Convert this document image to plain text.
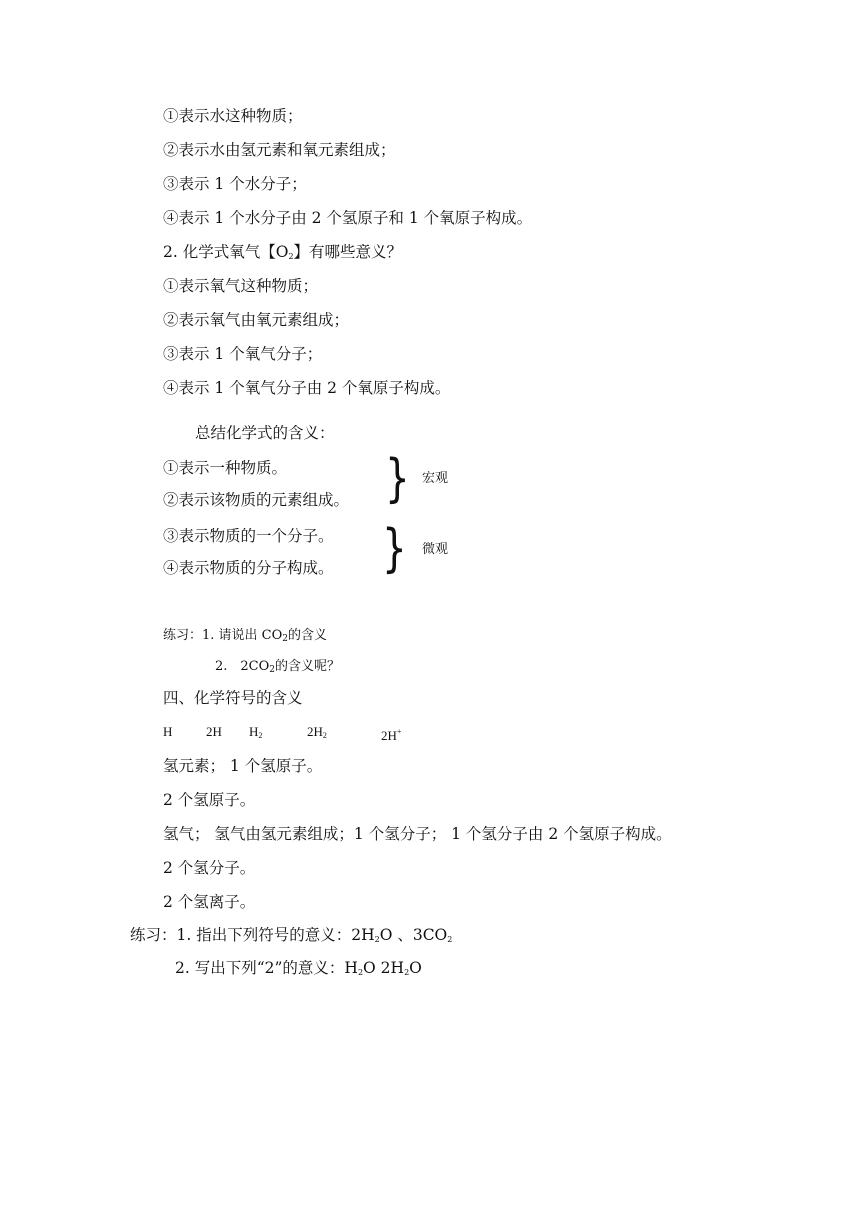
①表示水这种物质；
②表示水由氢元素和氧元素组成；
③表示 1 个水分子；
④表示 1 个水分子由 2 个氢原子和 1 个氧原子构成。
2. 化学式氧气【$O_2$】有哪些意义？
①表示氧气这种物质；
②表示氧气由氧元素组成；
③表示 1 个氧气分子；
④表示 1 个氧气分子由 2 个氧原子构成。
总结化学式的含义：
①表示一种物质。
②表示该物质的元素组成。 } 宏观
③表示物质的一个分子。
④表示物质的分子构成。 } 微观
练习：1. 请说出 CO2的含义
2. 2CO2的含义呢？
四、化学符号的含义
H	2H $H_2$	$2H_2$	2H+
氢元素； 1 个氢原子。
2 个氢原子。
氢气； 氢气由氢元素组成；1 个氢分子； 1 个氢分子由 2 个氢原子构成。
2 个氢分子。
2 个氢离子。
练习：1. 指出下列符号的意义：$2H_2O$ 、$3CO_2$
2. 写出下列“2”的意义：$H_2O$ $2H_2O$
